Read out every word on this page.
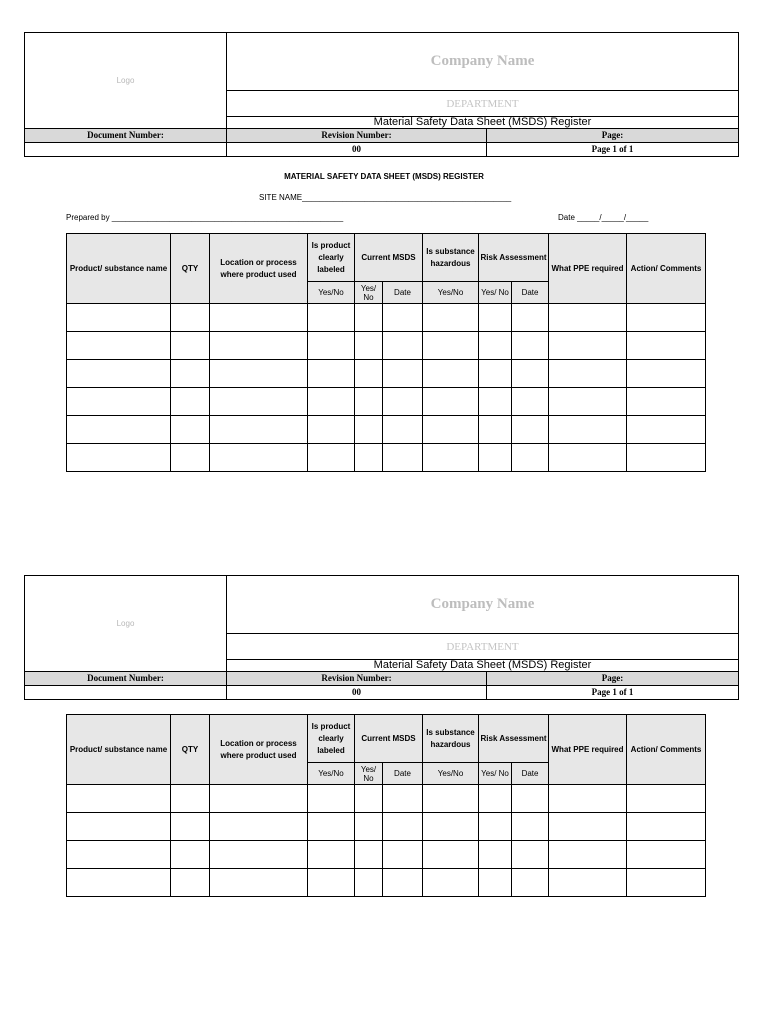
Logo	Company Name	
	DEPARTMENT	
	Material Safety Data Sheet (MSDS) Register	
Document Number:	Revision Number:	Page:
	00	Page 1 of 1
MATERIAL SAFETY DATA SHEET (MSDS) REGISTER
SITE NAME_______________________________________________
Prepared by ____________________________________________________	Date _____/_____/_____
Product/ substance name	QTY	Location or process where product used	Is product clearly labeled	Current MSDS		Is substance hazardous	Risk Assessment		What PPE required	Action/ Comments
			Yes/No	Yes/ No	Date	Yes/No	Yes/ No	Date		

Logo	Company Name	
	DEPARTMENT	
	Material Safety Data Sheet (MSDS) Register	
Document Number:	Revision Number:	Page:
	00	Page 1 of 1
Product/ substance name	QTY	Location or process where product used	Is product clearly labeled	Current MSDS		Is substance hazardous	Risk Assessment		What PPE required	Action/ Comments
			Yes/No	Yes/ No	Date	Yes/No	Yes/ No	Date		
